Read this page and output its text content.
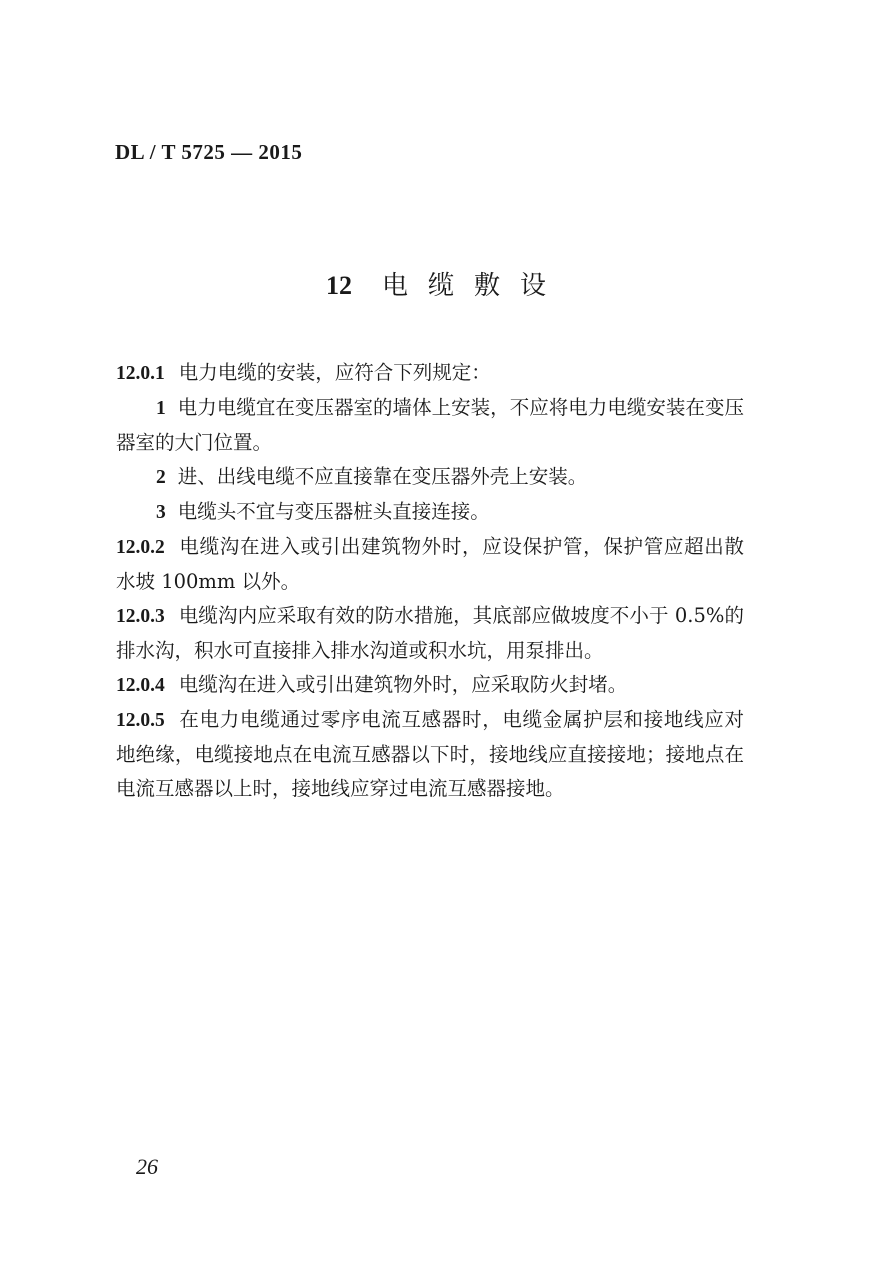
DL / T 5725 — 2015
12 电缆敷设

12.0.1 电力电缆的安装，应符合下列规定：

1 电力电缆宜在变压器室的墙体上安装，不应将电力电缆安装在变压器室的大门位置。

2 进、出线电缆不应直接靠在变压器外壳上安装。

3 电缆头不宜与变压器桩头直接连接。

12.0.2 电缆沟在进入或引出建筑物外时，应设保护管，保护管应超出散水坡 100mm 以外。

12.0.3 电缆沟内应采取有效的防水措施，其底部应做坡度不小于 0.5%的排水沟，积水可直接排入排水沟道或积水坑，用泵排出。

12.0.4 电缆沟在进入或引出建筑物外时，应采取防火封堵。

12.0.5 在电力电缆通过零序电流互感器时，电缆金属护层和接地线应对地绝缘，电缆接地点在电流互感器以下时，接地线应直接接地；接地点在电流互感器以上时，接地线应穿过电流互感器接地。

26
